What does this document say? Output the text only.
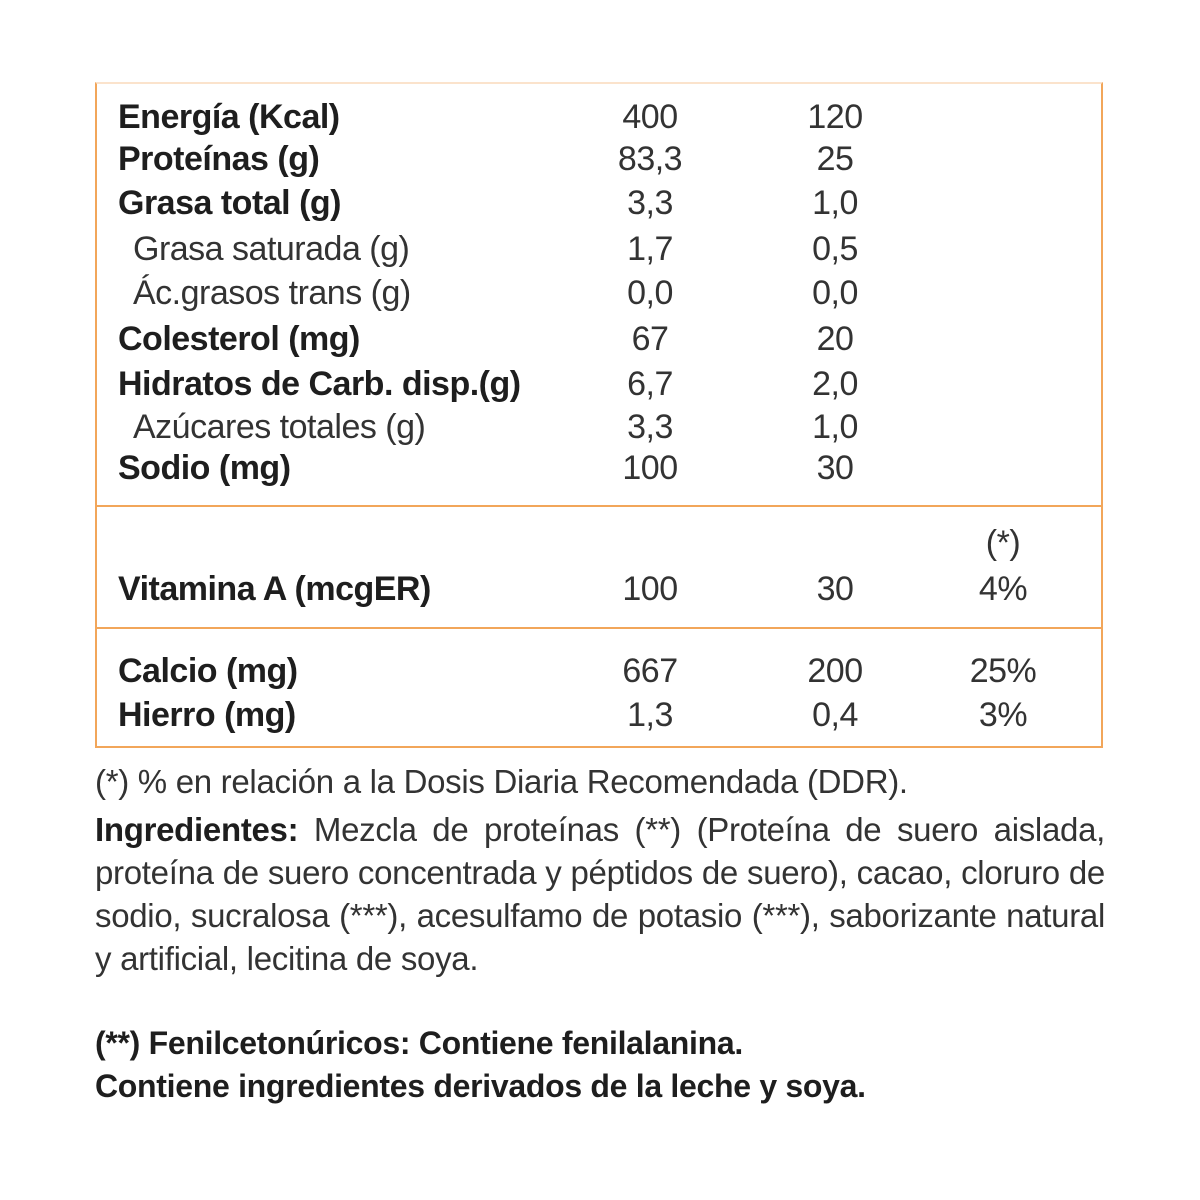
Energía (Kcal)	400	120
Proteínas (g)	83,3	25
Grasa total (g)	3,3	1,0
Grasa saturada (g)	1,7	0,5
Ác.grasos trans (g)	0,0	0,0
Colesterol (mg)	67	20
Hidratos de Carb. disp.(g)	6,7	2,0
Azúcares totales (g)	3,3	1,0
Sodio (mg)	100	30
(*)
Vitamina A (mcgER)	100	30	4%
Calcio (mg)	667	200	25%
Hierro (mg)	1,3	0,4	3%
(*) % en relación a la Dosis Diaria Recomendada (DDR).
Ingredientes: Mezcla de proteínas (**) (Proteína de suero aislada, proteína de suero concentrada y péptidos de suero), cacao, cloruro de sodio, sucralosa (***), acesulfamo de potasio (***), saborizante natural y artificial, lecitina de soya.
(**) Fenilcetonúricos: Contiene fenilalanina.
Contiene ingredientes derivados de la leche y soya.
